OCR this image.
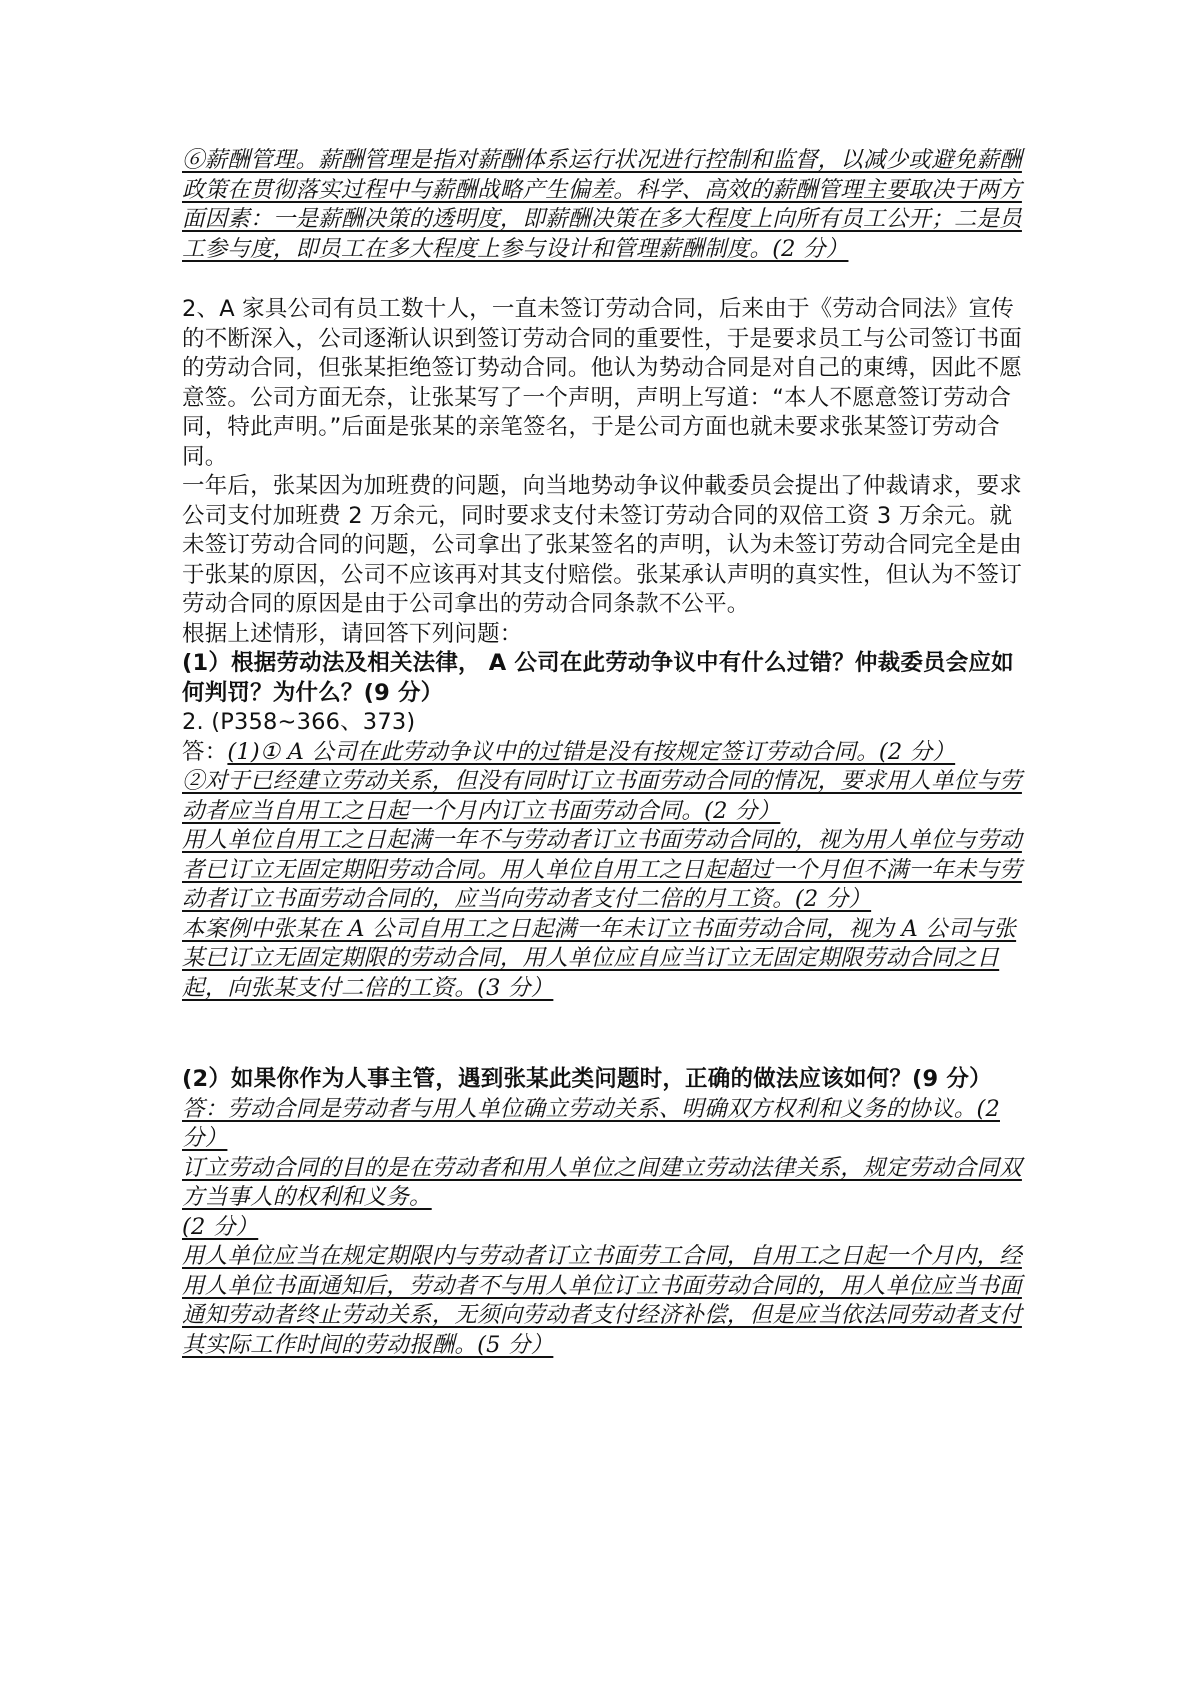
⑥薪酬管理。薪酬管理是指对薪酬体系运行状况进行控制和监督，以减少或避免薪酬政策在贯彻落实过程中与薪酬战略产生偏差。科学、高效的薪酬管理主要取决于两方面因素：一是薪酬决策的透明度，即薪酬决策在多大程度上向所有员工公开；二是员工参与度，即员工在多大程度上参与设计和管理薪酬制度。(2 分）

2、A 家具公司有员工数十人，一直未签订劳动合同，后来由于《劳动合同法》宣传的不断深入，公司逐渐认识到签订劳动合同的重要性，于是要求员工与公司签订书面的劳动合同，但张某拒绝签订势动合同。他认为势动合同是对自己的東缚，因此不愿意签。公司方面无奈，让张某写了一个声明，声明上写道：“本人不愿意签订劳动合同，特此声明。”后面是张某的亲笔签名，于是公司方面也就未要求张某签订劳动合同。

一年后，张某因为加班费的问题，向当地势动争议仲載委员会提出了仲裁请求，要求公司支付加班费 2 万余元，同时要求支付未签订劳动合同的双倍工资 3 万余元。就未签订劳动合同的问题，公司拿出了张某签名的声明，认为未签订劳动合同完全是由于张某的原因，公司不应该再对其支付赔偿。张某承认声明的真实性，但认为不签订劳动合同的原因是由于公司拿出的劳动合同条款不公平。

根据上述情形，请回答下列问题：

(1）根据劳动法及相关法律， A 公司在此劳动争议中有什么过错？仲裁委员会应如何判罚？为什么？(9 分）

2. (P358~366、373)

答：(1)① A 公司在此劳动争议中的过错是没有按规定签订劳动合同。(2 分）

②对于已经建立劳动关系，但没有同时订立书面劳动合同的情况，要求用人单位与劳动者应当自用工之日起一个月内订立书面劳动合同。(2 分）

用人单位自用工之日起满一年不与劳动者订立书面劳动合同的，视为用人单位与劳动者已订立无固定期阳劳动合同。用人单位自用工之日起超过一个月但不满一年未与劳动者订立书面劳动合同的，应当向劳动者支付二倍的月工资。(2 分）

本案例中张某在 A 公司自用工之日起满一年未订立书面劳动合同，视为 A 公司与张某已订立无固定期限的劳动合同，用人单位应自应当订立无固定期限劳动合同之日起，向张某支付二倍的工资。(3 分）

(2）如果你作为人事主管，遇到张某此类问题时，正确的做法应该如何？(9 分）

答：劳动合同是劳动者与用人单位确立劳动关系、明确双方权利和义务的协议。(2 分）

订立劳动合同的目的是在劳动者和用人单位之间建立劳动法律关系，规定劳动合同双方当事人的权利和义务。

(2 分）

用人单位应当在规定期限内与劳动者订立书面劳工合同，自用工之日起一个月内，经用人单位书面通知后，劳动者不与用人单位订立书面劳动合同的，用人单位应当书面通知劳动者终止劳动关系，无须向劳动者支付经济补偿，但是应当依法同劳动者支付其实际工作时间的劳动报酬。(5 分）
